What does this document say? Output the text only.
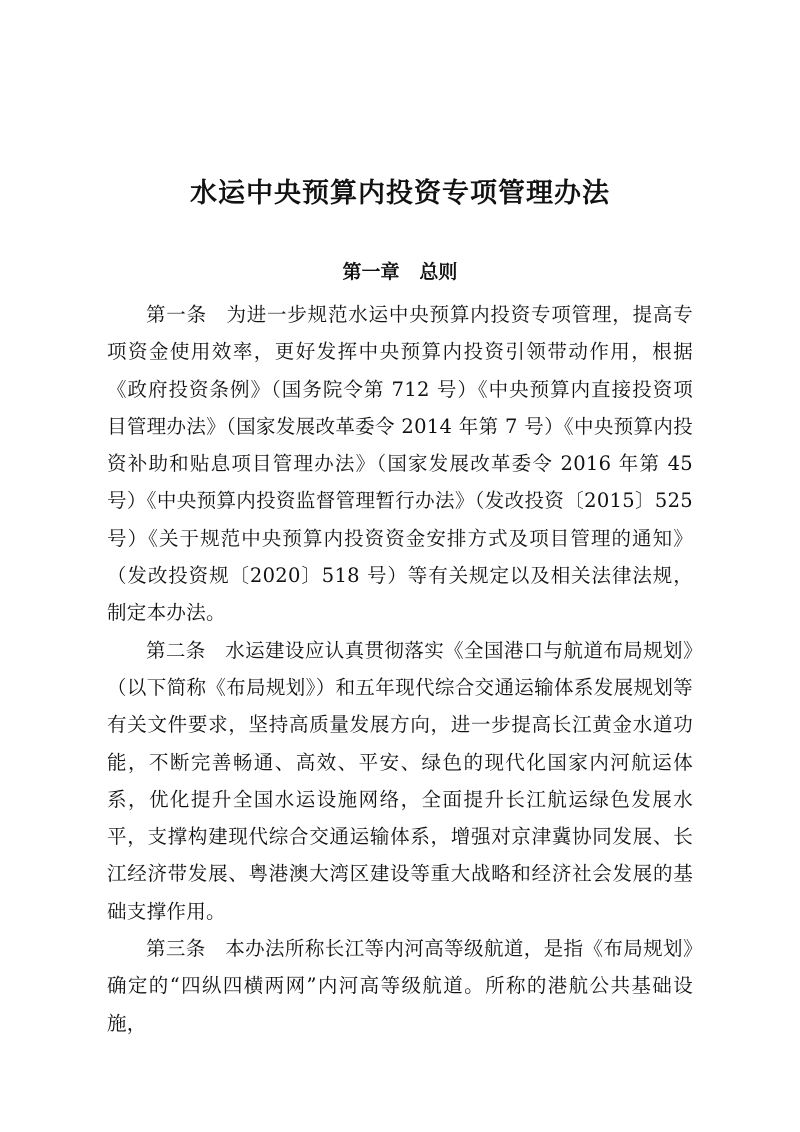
水运中央预算内投资专项管理办法
第一章 总则

第一条 为进一步规范水运中央预算内投资专项管理，提高专项资金使用效率，更好发挥中央预算内投资引领带动作用，根据《政府投资条例》（国务院令第 712 号）《中央预算内直接投资项目管理办法》（国家发展改革委令 2014 年第 7 号）《中央预算内投资补助和贴息项目管理办法》（国家发展改革委令 2016 年第 45 号）《中央预算内投资监督管理暂行办法》（发改投资〔2015〕525 号）《关于规范中央预算内投资资金安排方式及项目管理的通知》（发改投资规〔2020〕518 号）等有关规定以及相关法律法规，制定本办法。

第二条 水运建设应认真贯彻落实《全国港口与航道布局规划》（以下简称《布局规划》）和五年现代综合交通运输体系发展规划等有关文件要求，坚持高质量发展方向，进一步提高长江黄金水道功能，不断完善畅通、高效、平安、绿色的现代化国家内河航运体系，优化提升全国水运设施网络，全面提升长江航运绿色发展水平，支撑构建现代综合交通运输体系，增强对京津冀协同发展、长江经济带发展、粤港澳大湾区建设等重大战略和经济社会发展的基础支撑作用。

第三条 本办法所称长江等内河高等级航道，是指《布局规划》确定的“四纵四横两网”内河高等级航道。所称的港航公共基础设施，
